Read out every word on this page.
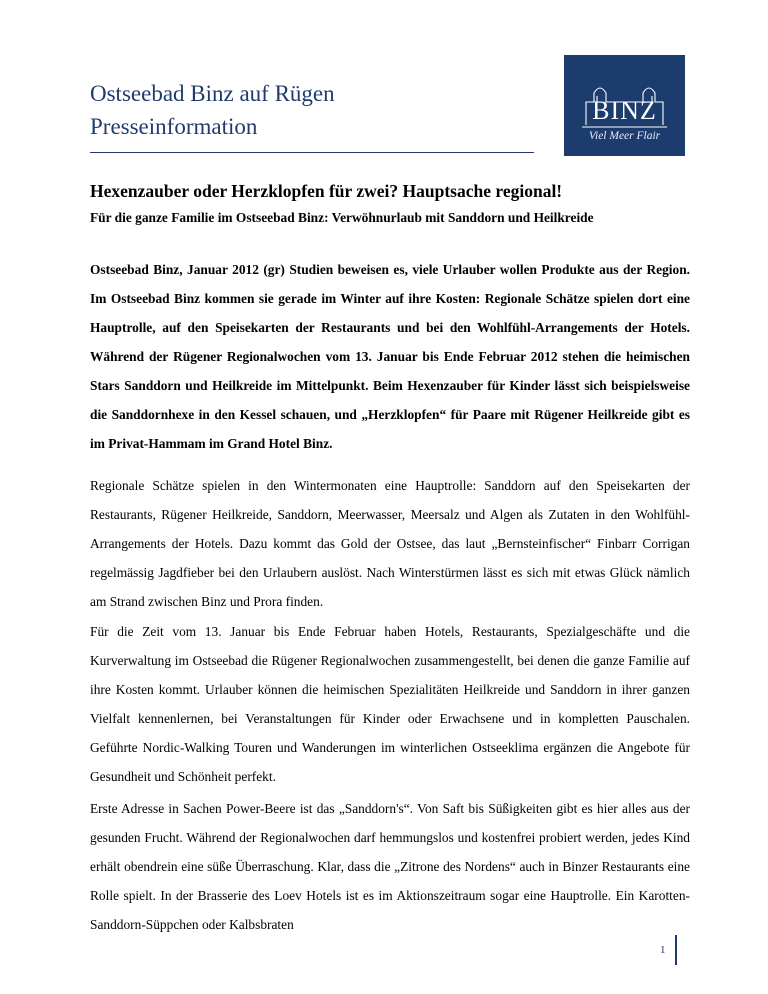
Ostseebad Binz auf Rügen
Presseinformation
BINZ
Viel Meer Flair
Hexenzauber oder Herzklopfen für zwei? Hauptsache regional!
Für die ganze Familie im Ostseebad Binz: Verwöhnurlaub mit Sanddorn und Heilkreide
Ostseebad Binz, Januar 2012 (gr) Studien beweisen es, viele Urlauber wollen Produkte aus der Region. Im Ostseebad Binz kommen sie gerade im Winter auf ihre Kosten: Regionale Schätze spielen dort eine Hauptrolle, auf den Speisekarten der Restaurants und bei den Wohlfühl-Arrangements der Hotels. Während der Rügener Regionalwochen vom 13. Januar bis Ende Februar 2012 stehen die heimischen Stars Sanddorn und Heilkreide im Mittelpunkt. Beim Hexenzauber für Kinder lässt sich beispielsweise die Sanddornhexe in den Kessel schauen, und „Herzklopfen“ für Paare mit Rügener Heilkreide gibt es im Privat-Hammam im Grand Hotel Binz.
Regionale Schätze spielen in den Wintermonaten eine Hauptrolle: Sanddorn auf den Speisekarten der Restaurants, Rügener Heilkreide, Sanddorn, Meerwasser, Meersalz und Algen als Zutaten in den Wohlfühl-Arrangements der Hotels. Dazu kommt das Gold der Ostsee, das laut „Bernsteinfischer“ Finbarr Corrigan regelmässig Jagdfieber bei den Urlaubern auslöst. Nach Winterstürmen lässt es sich mit etwas Glück nämlich am Strand zwischen Binz und Prora finden.
Für die Zeit vom 13. Januar bis Ende Februar haben Hotels, Restaurants, Spezialgeschäfte und die Kurverwaltung im Ostseebad die Rügener Regionalwochen zusammengestellt, bei denen die ganze Familie auf ihre Kosten kommt. Urlauber können die heimischen Spezialitäten Heilkreide und Sanddorn in ihrer ganzen Vielfalt kennenlernen, bei Veranstaltungen für Kinder oder Erwachsene und in kompletten Pauschalen. Geführte Nordic-Walking Touren und Wanderungen im winterlichen Ostseeklima ergänzen die Angebote für Gesundheit und Schönheit perfekt.
Erste Adresse in Sachen Power-Beere ist das „Sanddorn's“. Von Saft bis Süßigkeiten gibt es hier alles aus der gesunden Frucht. Während der Regionalwochen darf hemmungslos und kostenfrei probiert werden, jedes Kind erhält obendrein eine süße Überraschung. Klar, dass die „Zitrone des Nordens“ auch in Binzer Restaurants eine Rolle spielt. In der Brasserie des Loev Hotels ist es im Aktionszeitraum sogar eine Hauptrolle. Ein Karotten-Sanddorn-Süppchen oder Kalbsbraten
1
